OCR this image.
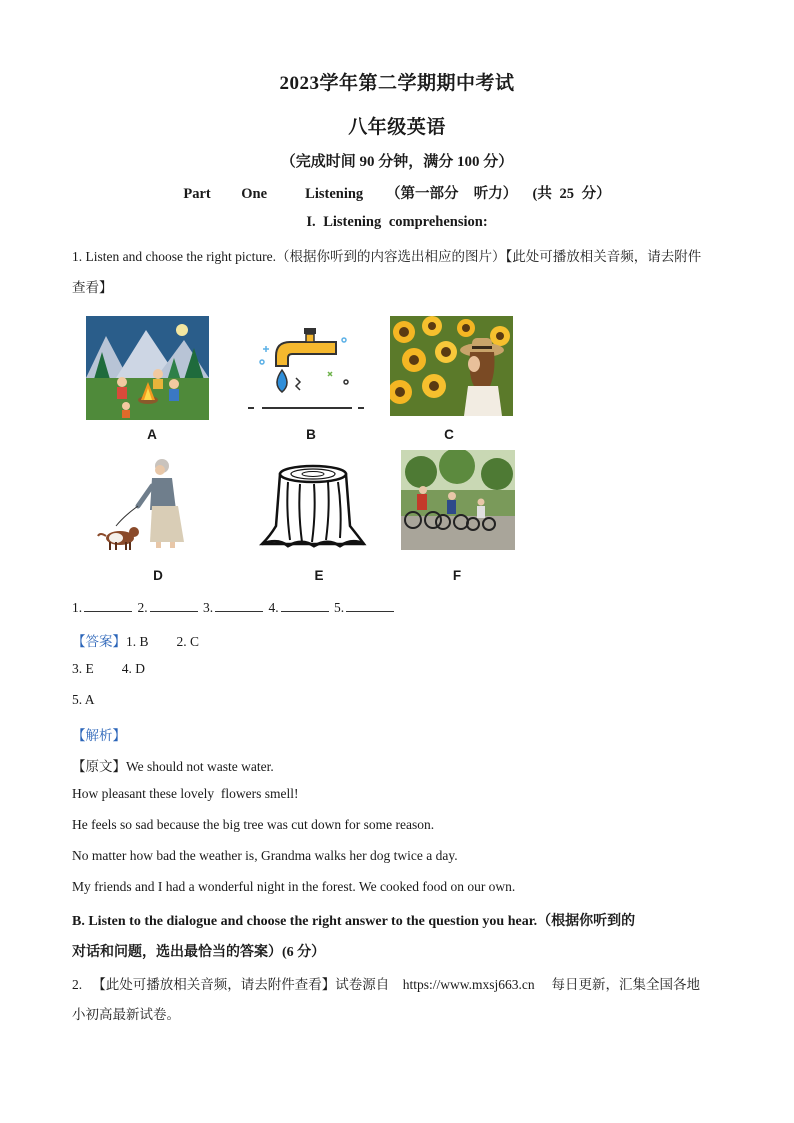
2023学年第二学期期中考试
八年级英语
（完成时间 90 分钟，满分 100 分）
Part    One     Listening   （第一部分  听力）  (共 25 分）
I. Listening comprehension:
1. Listen and choose the right picture.（根据你听到的内容选出相应的图片）【此处可播放相关音频，请去附件
查看】
A	B	C
D	E	F
1.	2.	3.	4.	5.
【答案】1. B 2. C
3. E 4. D
5. A
【解析】
【原文】We should not waste water.
How pleasant these lovely  flowers smell!
He feels so sad because the big tree was cut down for some reason.
No matter how bad the weather is, Grandma walks her dog twice a day.
My friends and I had a wonderful night in the forest. We cooked food on our own.
B. Listen to the dialogue and choose the right answer to the question you hear.（根据你听到的
对话和问题，选出最恰当的答案）(6 分）
2.   【此处可播放相关音频，请去附件查看】试卷源自    https://www.mxsj663.cn     每日更新，汇集全国各地
小初高最新试卷。
